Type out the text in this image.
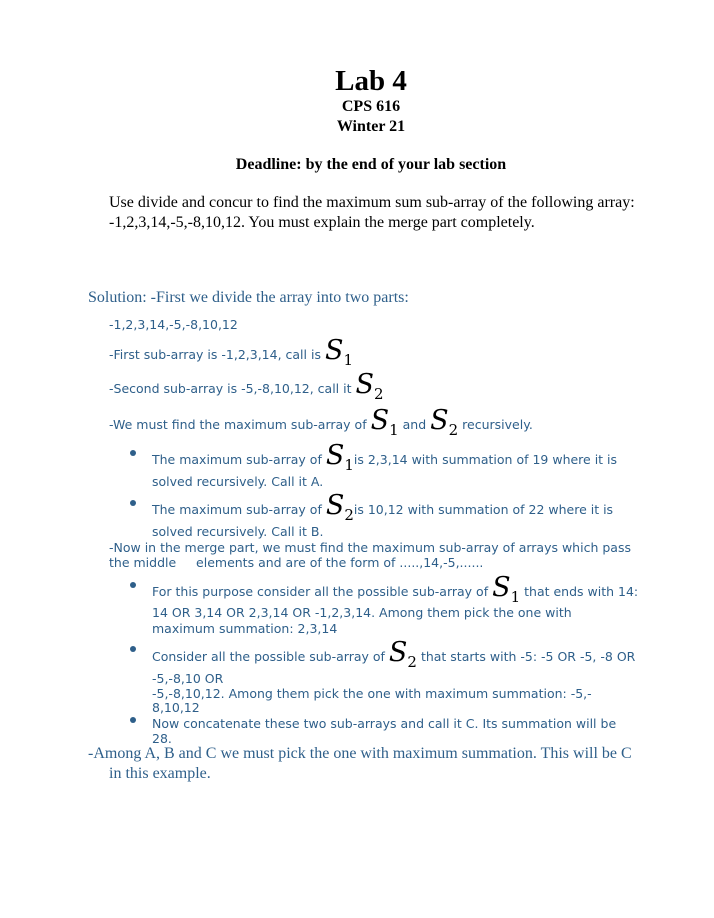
Lab 4
CPS 616
Winter 21
Deadline: by the end of your lab section
Use divide and concur to find the maximum sum sub-array of the following array:
-1,2,3,14,-5,-8,10,12. You must explain the merge part completely.
Solution: -First we divide the array into two parts:
-1,2,3,14,-5,-8,10,12
-First sub-array is -1,2,3,14, call is S1
-Second sub-array is -5,-8,10,12, call it S2
-We must find the maximum sub-array of S1 and S2 recursively.
The maximum sub-array of S1is 2,3,14 with summation of 19 where it is
solved recursively. Call it A.
The maximum sub-array of S2is 10,12 with summation of 22 where it is
solved recursively. Call it B.
-Now in the merge part, we must find the maximum sub-array of arrays which pass
the middle     elements and are of the form of .....,14,-5,......
For this purpose consider all the possible sub-array of S1 that ends with 14:
14 OR 3,14 OR 2,3,14 OR -1,2,3,14. Among them pick the one with
maximum summation: 2,3,14
Consider all the possible sub-array of S2 that starts with -5: -5 OR -5, -8 OR
-5,-8,10 OR
-5,-8,10,12. Among them pick the one with maximum summation: -5,-
8,10,12
Now concatenate these two sub-arrays and call it C. Its summation will be
28.
-Among A, B and C we must pick the one with maximum summation. This will be C
in this example.
